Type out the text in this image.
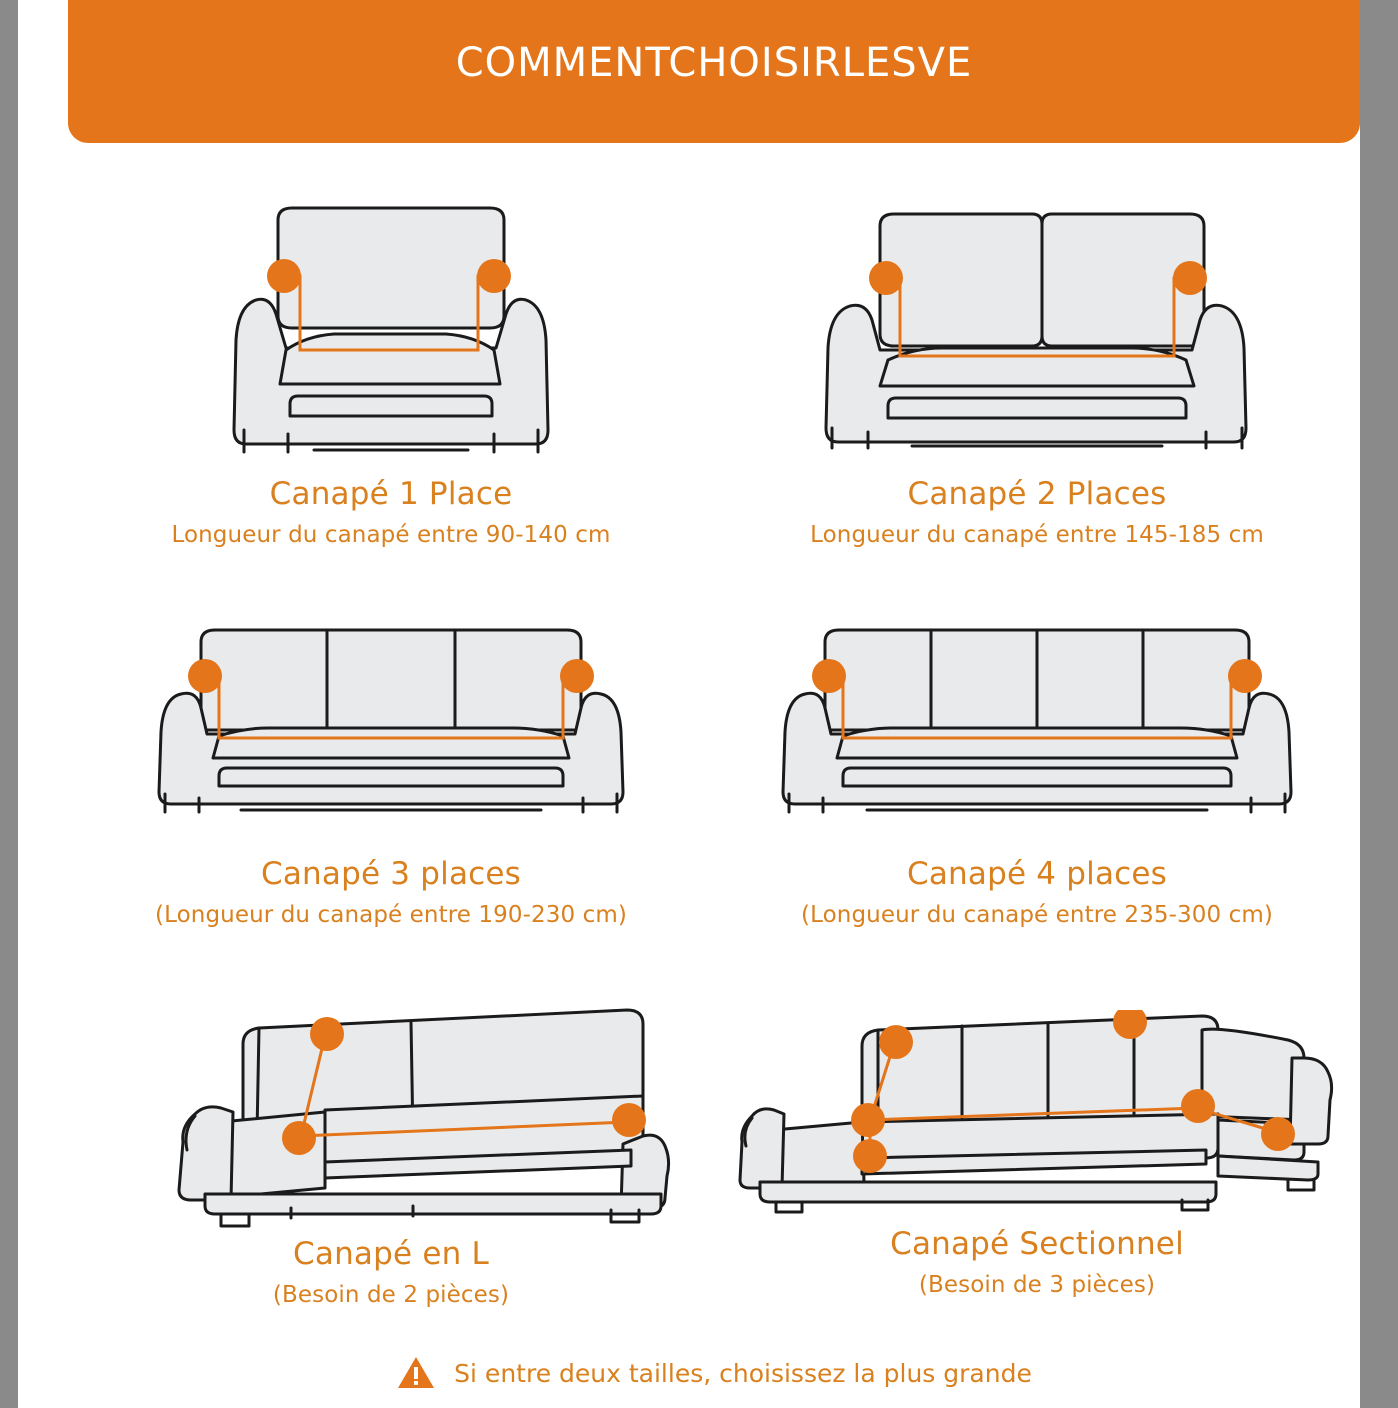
COMMENTCHOISIRLESVE
Canapé 1 Place
Longueur du canapé entre 90-140 cm
Canapé 2 Places
Longueur du canapé entre 145-185 cm
Canapé 3 places
(Longueur du canapé entre 190-230 cm)
Canapé 4 places
(Longueur du canapé entre 235-300 cm)
Canapé en L
(Besoin de 2 pièces)
Canapé Sectionnel
(Besoin de 3 pièces)
Si entre deux tailles, choisissez la plus grande
